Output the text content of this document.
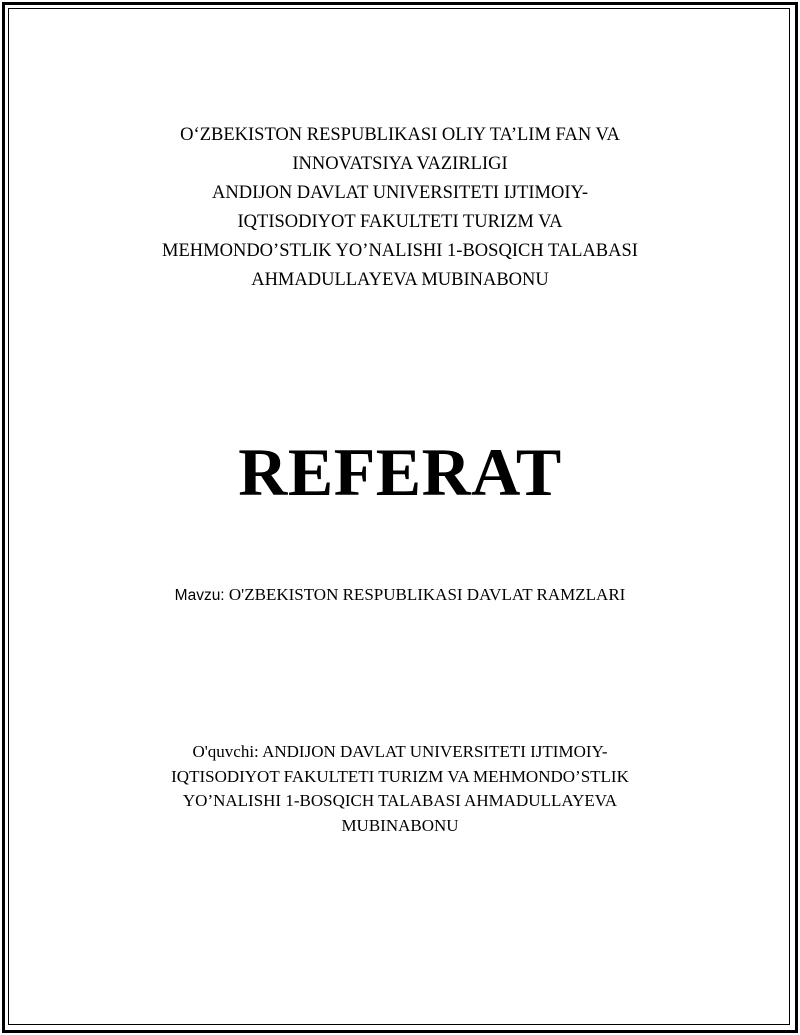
O‘ZBEKISTON RESPUBLIKASI OLIY TA’LIM FAN VA
INNOVATSIYA VAZIRLIGI
ANDIJON DAVLAT UNIVERSITETI IJTIMOIY-
IQTISODIYOT FAKULTETI TURIZM VA
MEHMONDO’STLIK YO’NALISHI 1-BOSQICH TALABASI
AHMADULLAYEVA MUBINABONU
REFERAT
Mavzu: O'ZBEKISTON RESPUBLIKASI DAVLAT RAMZLARI
O'quvchi: ANDIJON DAVLAT UNIVERSITETI IJTIMOIY-
IQTISODIYOT FAKULTETI TURIZM VA MEHMONDO’STLIK
YO’NALISHI 1-BOSQICH TALABASI AHMADULLAYEVA
MUBINABONU
